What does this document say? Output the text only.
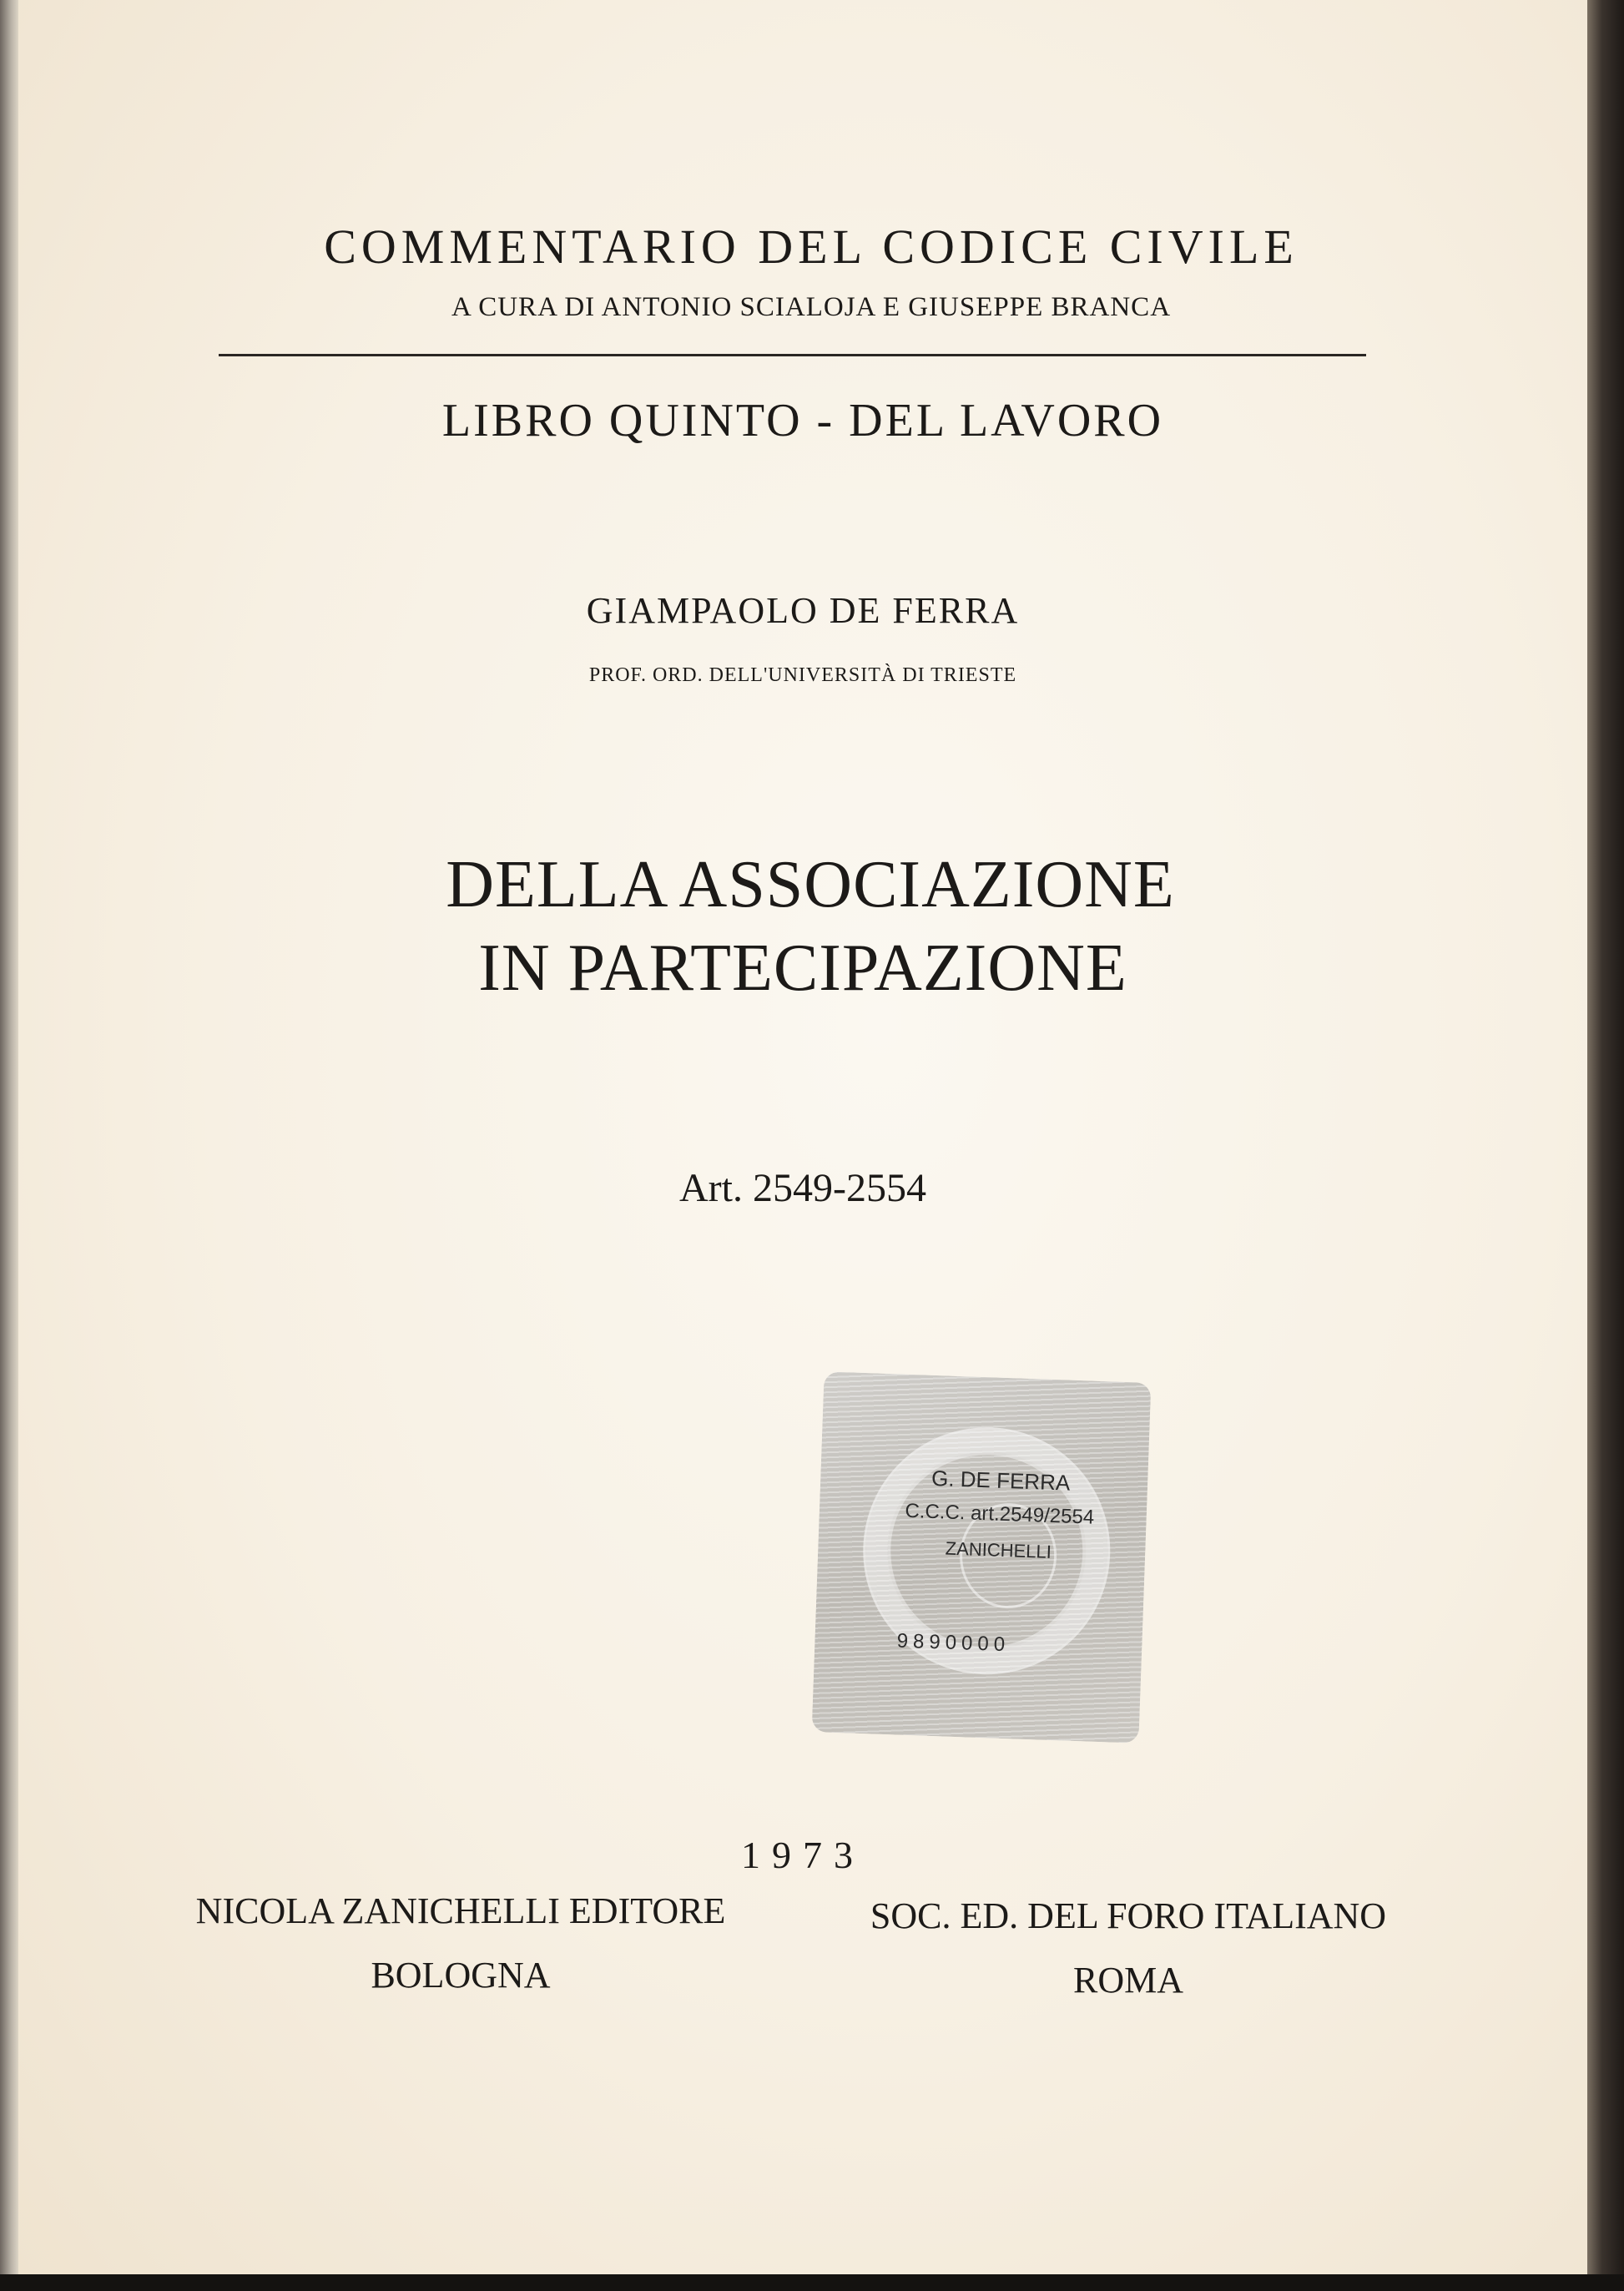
COMMENTARIO DEL CODICE CIVILE

A CURA DI ANTONIO SCIALOJA E GIUSEPPE BRANCA

LIBRO QUINTO - DEL LAVORO

GIAMPAOLO DE FERRA

PROF. ORD. DELL'UNIVERSITÀ DI TRIESTE

DELLA ASSOCIAZIONE
IN PARTECIPAZIONE

Art. 2549-2554

G. DE FERRA
C.C.C. art.2549/2554
ZANICHELLI
9890000

1973

NICOLA ZANICHELLI EDITORE
BOLOGNA
SOC. ED. DEL FORO ITALIANO
ROMA
